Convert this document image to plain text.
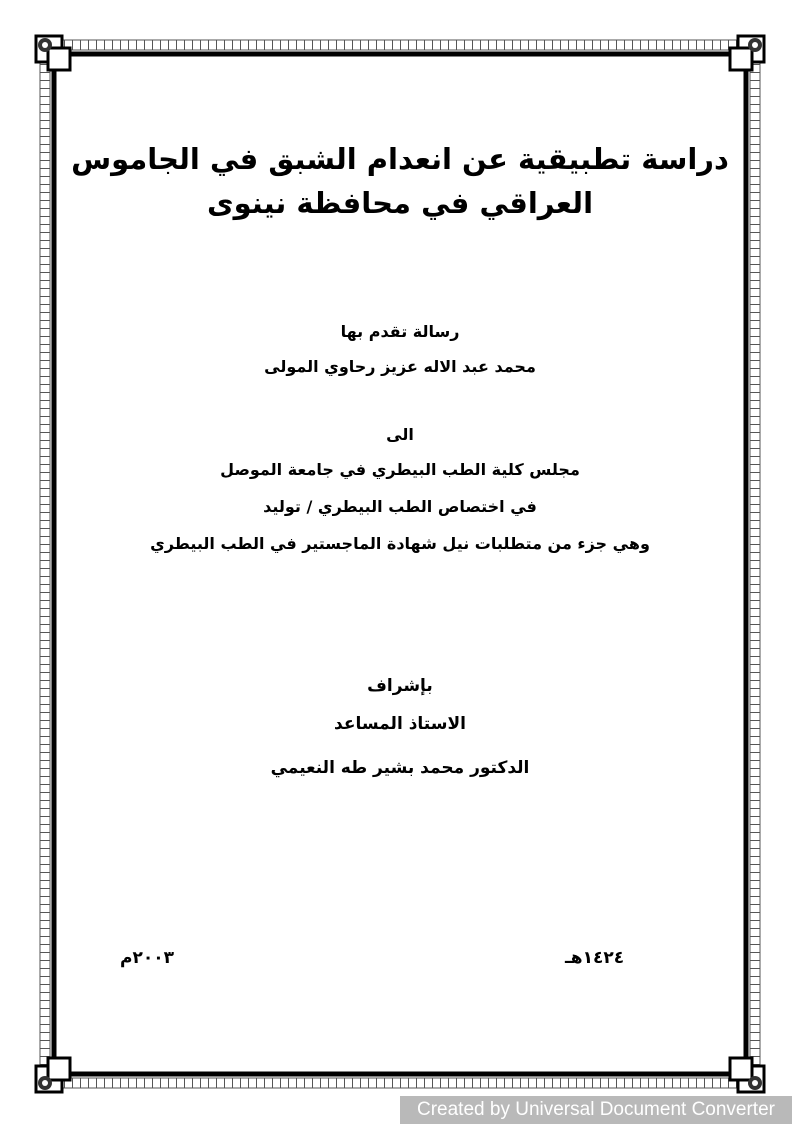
دراسة تطبيقية عن انعدام الشبق في الجاموس

العراقي في محافظة نينوى

رسالة تقدم بها

محمد عبد الاله عزيز رحاوي المولى

الى

مجلس كلية الطب البيطري في جامعة الموصل

في اختصاص الطب البيطري / توليد

وهي جزء من متطلبات نيل شهادة الماجستير في الطب البيطري

بإشراف

الاستاذ المساعد

الدكتور محمد بشير طه النعيمي

١٤٢٤هـ
٢٠٠٣م
Created by Universal Document Converter
